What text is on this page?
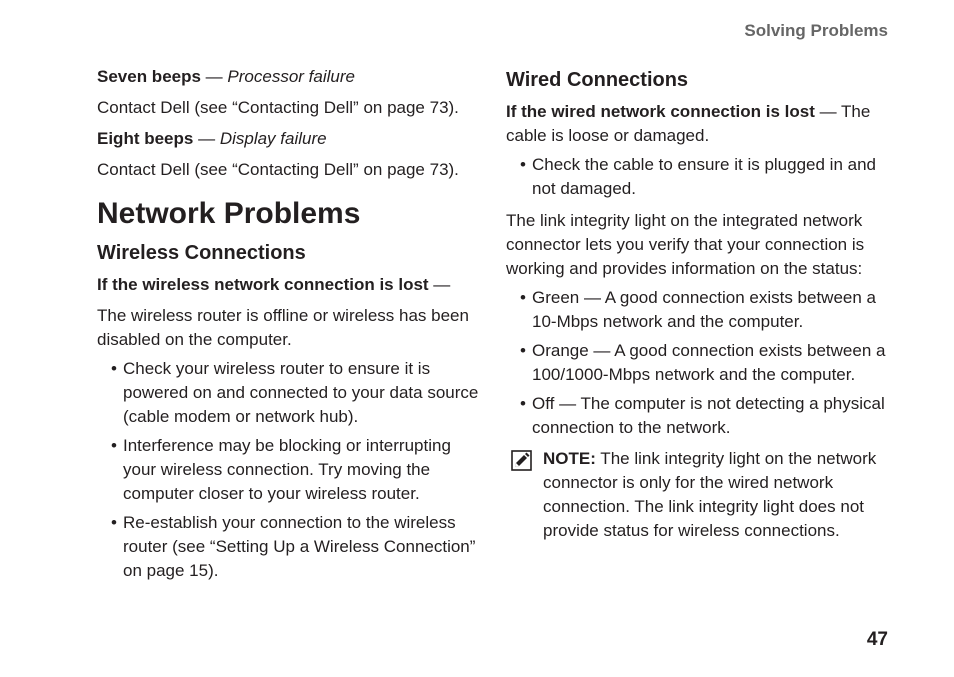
Solving Problems

Seven beeps — Processor failure

Contact Dell (see “Contacting Dell” on page 73).

Eight beeps — Display failure

Contact Dell (see “Contacting Dell” on page 73).

Network Problems
Wireless Connections

If the wireless network connection is lost —

The wireless router is offline or wireless has been disabled on the computer.

• Check your wireless router to ensure it is powered on and connected to your data source (cable modem or network hub).
• Interference may be blocking or interrupting your wireless connection. Try moving the computer closer to your wireless router.
• Re-establish your connection to the wireless router (see “Setting Up a Wireless Connection” on page 15).
Wired Connections

If the wired network connection is lost — The cable is loose or damaged.

• Check the cable to ensure it is plugged in and not damaged.

The link integrity light on the integrated network connector lets you verify that your connection is working and provides information on the status:

• Green — A good connection exists between a 10-Mbps network and the computer.
• Orange — A good connection exists between a 100/1000-Mbps network and the computer.
• Off — The computer is not detecting a physical connection to the network.

NOTE: The link integrity light on the network connector is only for the wired network connection. The link integrity light does not provide status for wireless connections.

47
